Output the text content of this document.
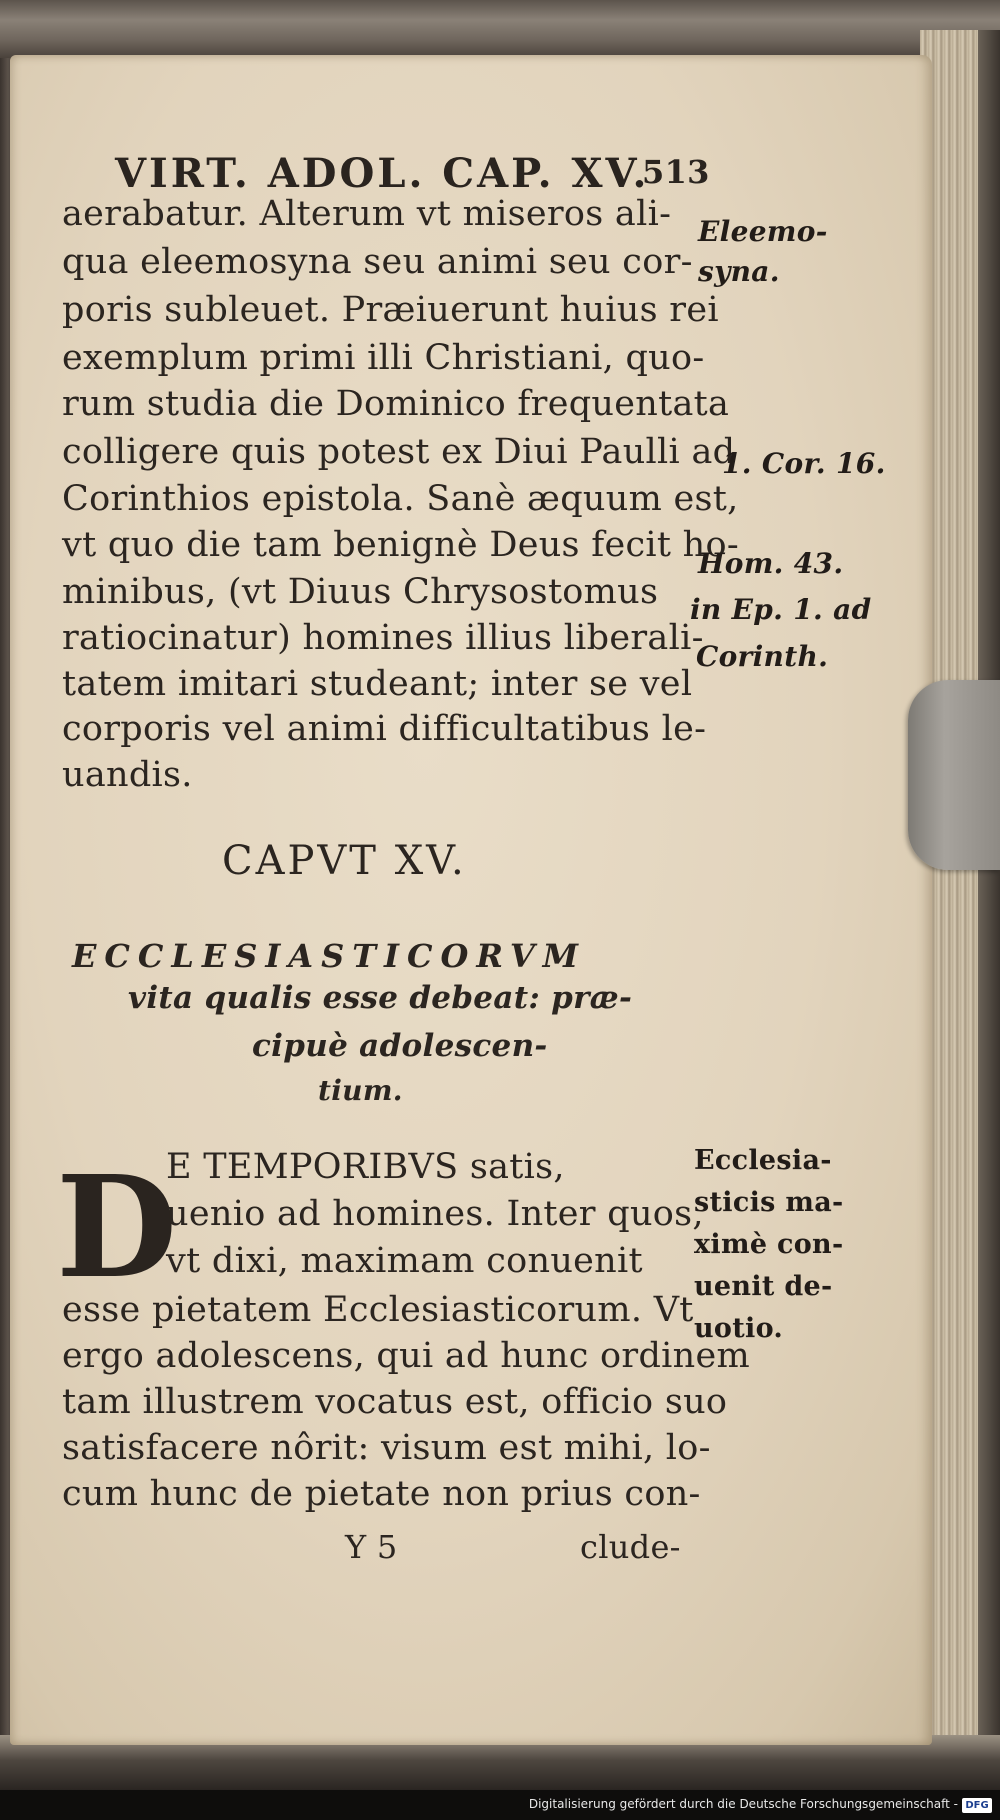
VIRT. ADOL. CAP. XV.
513
aerabatur. Alterum vt miseros ali-
qua eleemosyna seu animi seu cor-
poris subleuet. Præiuerunt huius rei
exemplum primi illi Christiani, quo-
rum studia die Dominico frequentata
colligere quis potest ex Diui Paulli ad
Corinthios epistola. Sanè æquum est,
vt quo die tam benignè Deus fecit ho-
minibus, (vt Diuus Chrysostomus
ratiocinatur) homines illius liberali-
tatem imitari studeant; inter se vel
corporis vel animi difficultatibus le-
uandis.
Eleemo-
syna.
1. Cor. 16.
Hom. 43.
in Ep. 1. ad
Corinth.
CAPVT XV.
ECCLESIASTICORVM
vita qualis esse debeat: præ-
cipuè adolescen-
tium.
D
E TEMPORIBVS satis,
uenio ad homines. Inter quos,
vt dixi, maximam conuenit
esse pietatem Ecclesiasticorum. Vt
ergo adolescens, qui ad hunc ordinem
tam illustrem vocatus est, officio suo
satisfacere nôrit: visum est mihi, lo-
cum hunc de pietate non prius con-
Ecclesia-
sticis ma-
ximè con-
uenit de-
uotio.
Y 5	clude-
Digitalisierung gefördert durch die Deutsche Forschungsgemeinschaft - DFG
